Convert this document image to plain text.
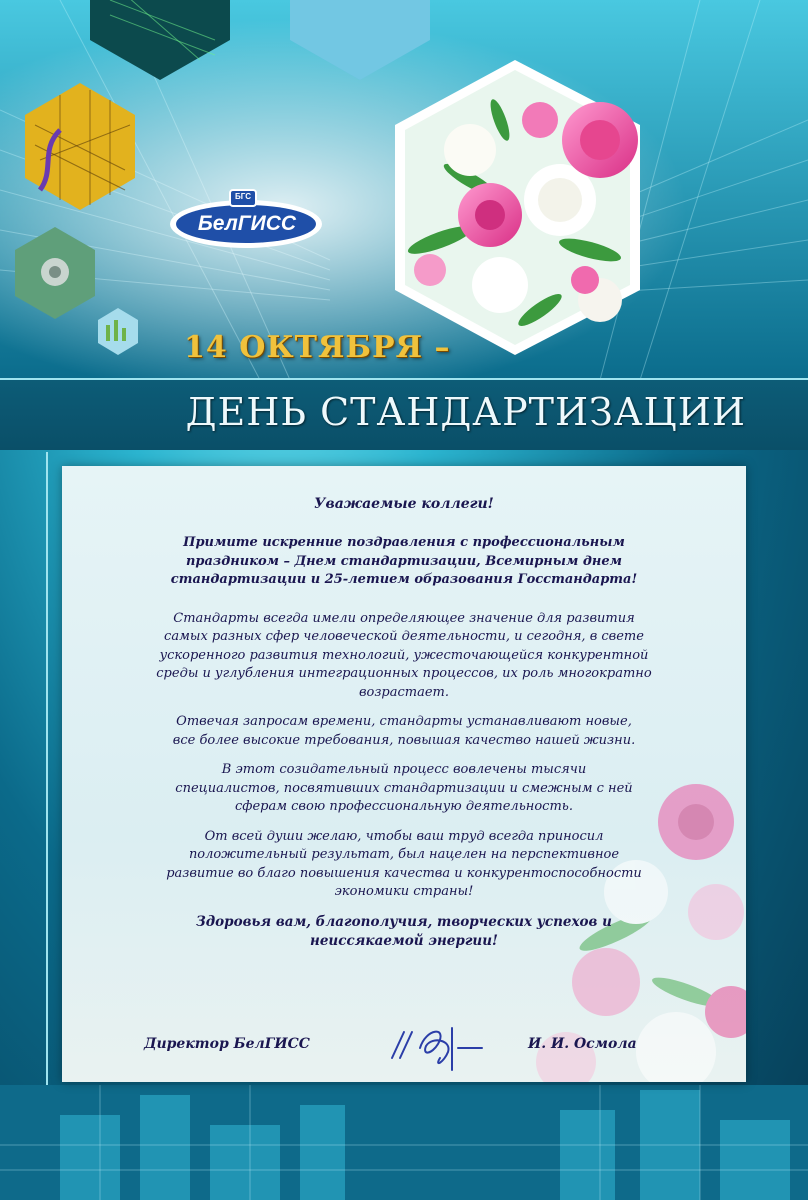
БГС
БелГИСС
14 ОКТЯБРЯ –
ДЕНЬ СТАНДАРТИЗАЦИИ

Уважаемые коллеги!

Примите искренние поздравления с профессиональным праздником – Днем стандартизации, Всемирным днем стандартизации и 25-летием образования Госстандарта!

Стандарты всегда имели определяющее значение для развития самых разных сфер человеческой деятельности, и сегодня, в свете ускоренного развития технологий, ужесточающейся конкурентной среды и углубления интеграционных процессов, их роль многократно возрастает.

Отвечая запросам времени, стандарты устанавливают новые, все более высокие требования, повышая качество нашей жизни.

В этот созидательный процесс вовлечены тысячи специалистов, посвятивших стандартизации и смежным с ней сферам свою профессиональную деятельность.

От всей души желаю, чтобы ваш труд всегда приносил положительный результат, был нацелен на перспективное развитие во благо повышения качества и конкурентоспособности экономики страны!

Здоровья вам, благополучия, творческих успехов и неиссякаемой энергии!

Директор БелГИСС	И. И. Осмола
